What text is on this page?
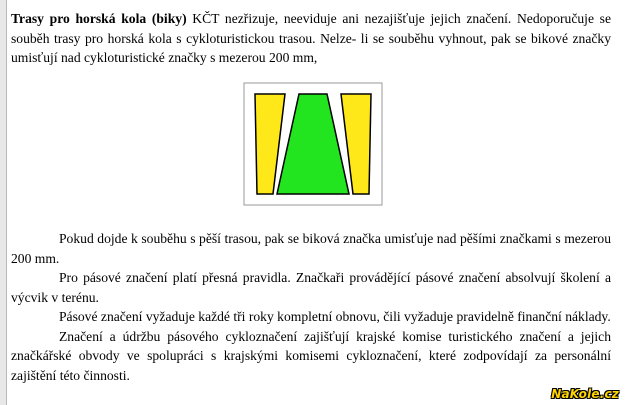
Trasy pro horská kola (biky) KČT nezřizuje, neeviduje ani nezajišťuje jejich značení. Nedoporučuje se souběh trasy pro horská kola s cykloturistickou trasou. Nelze- li se souběhu vyhnout, pak se bikové značky umisťují nad cykloturistické značky s mezerou 200 mm,

Pokud dojde k souběhu s pěší trasou, pak se biková značka umisťuje nad pěšími značkami s mezerou 200 mm.

Pro pásové značení platí přesná pravidla. Značkaři provádějící pásové značení absolvují školení a výcvik v terénu.

Pásové značení vyžaduje každé tři roky kompletní obnovu, čili vyžaduje pravidelně finanční náklady.

Značení a údržbu pásového cykloznačení zajišťují krajské komise turistického značení a jejich značkářské obvody ve spolupráci s krajskými komisemi cykloznačení, které zodpovídají za personální zajištění této činnosti.

NaKole.cz
